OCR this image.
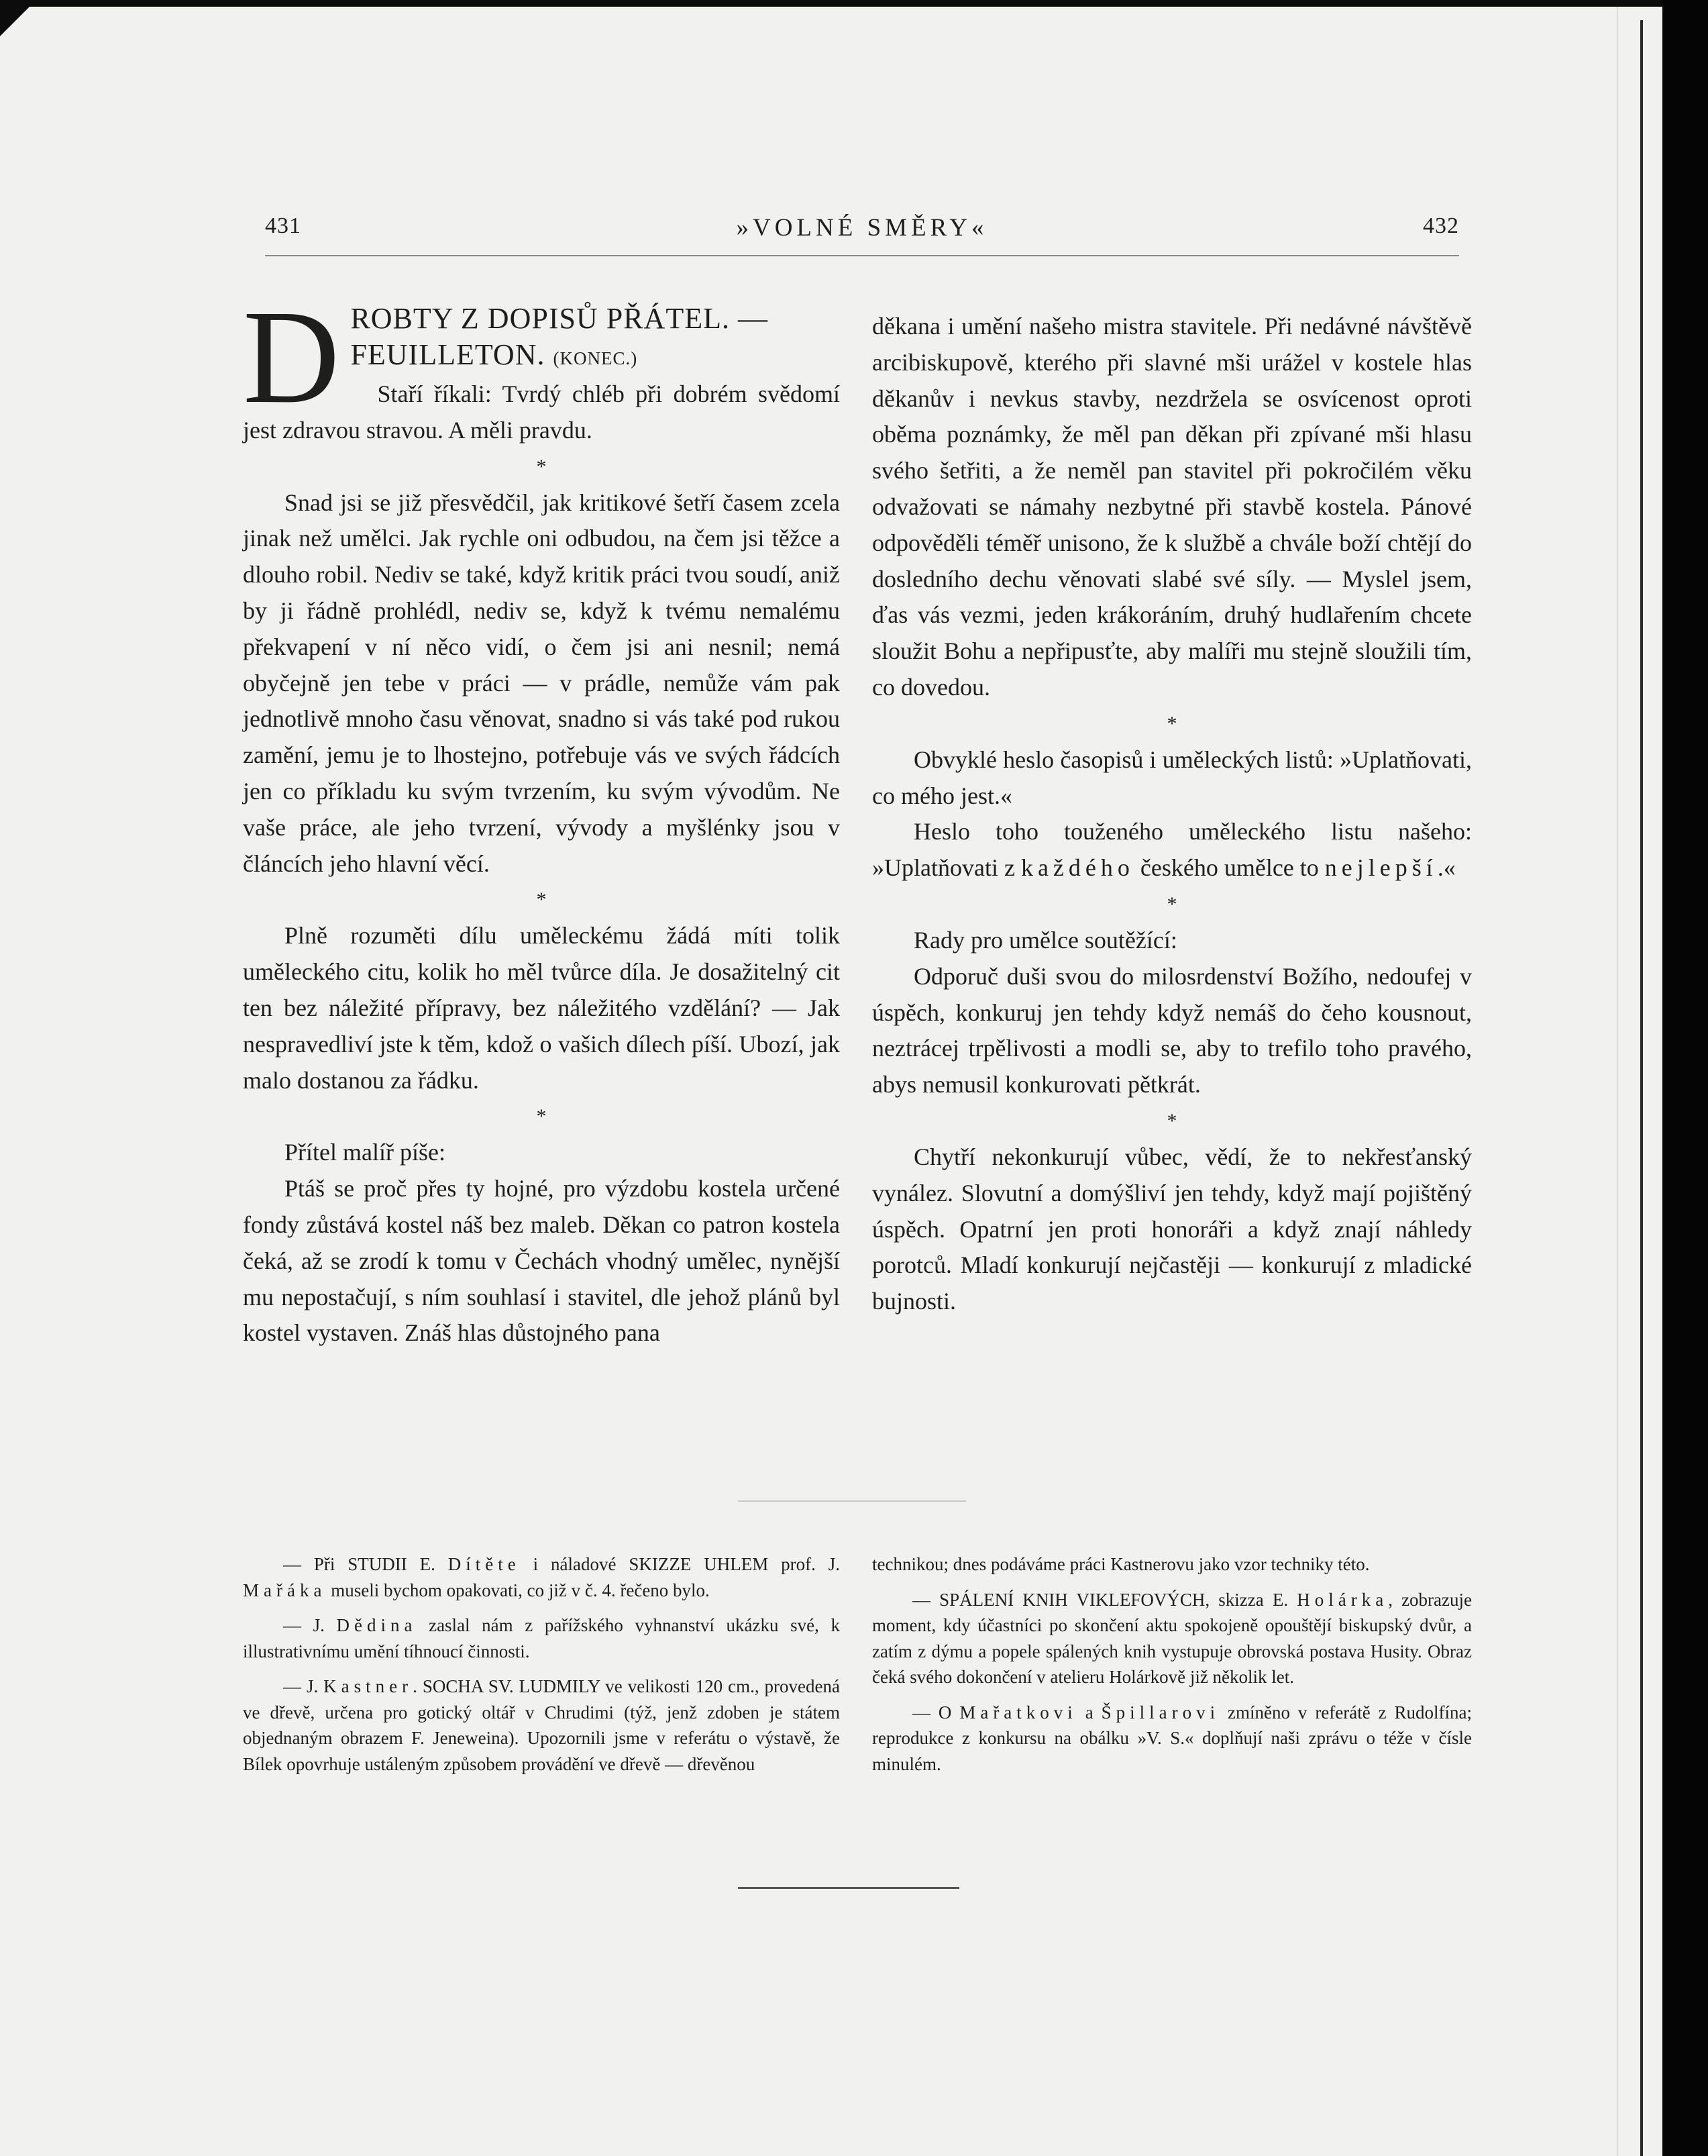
431	»VOLNÉ SMĚRY«	432
D ROBTY Z DOPISŮ PŘÁTEL. —
FEUILLETON. (KONEC.)

Staří říkali: Tvrdý chléb při dobrém svědomí jest zdravou stravou. A měli pravdu.

*

Snad jsi se již přesvědčil, jak kritikové šetří časem zcela jinak než umělci. Jak rychle oni odbudou, na čem jsi těžce a dlouho robil. Nediv se také, když kritik práci tvou soudí, aniž by ji řádně prohlédl, nediv se, když k tvému nemalému překvapení v ní něco vidí, o čem jsi ani nesnil; nemá obyčejně jen tebe v práci — v prádle, nemůže vám pak jednotlivě mnoho času věnovat, snadno si vás také pod rukou zamění, jemu je to lhostejno, potřebuje vás ve svých řádcích jen co příkladu ku svým tvrzením, ku svým vývodům. Ne vaše práce, ale jeho tvrzení, vývody a myšlénky jsou v článcích jeho hlavní věcí.

*

Plně rozuměti dílu uměleckému žádá míti tolik uměleckého citu, kolik ho měl tvůrce díla. Je dosažitelný cit ten bez náležité přípravy, bez náležitého vzdělání? — Jak nespravedliví jste k těm, kdož o vašich dílech píší. Ubozí, jak malo dostanou za řádku.

*

Přítel malíř píše:

Ptáš se proč přes ty hojné, pro výzdobu kostela určené fondy zůstává kostel náš bez maleb. Děkan co patron kostela čeká, až se zrodí k tomu v Čechách vhodný umělec, nynější mu nepostačují, s ním souhlasí i stavitel, dle jehož plánů byl kostel vystaven. Znáš hlas důstojného pana

děkana i umění našeho mistra stavitele. Při nedávné návštěvě arcibiskupově, kterého při slavné mši urážel v kostele hlas děkanův i nevkus stavby, nezdržela se osvícenost oproti oběma poznámky, že měl pan děkan při zpívané mši hlasu svého šetřiti, a že neměl pan stavitel při pokročilém věku odvažovati se námahy nezbytné při stavbě kostela. Pánové odpověděli téměř unisono, že k službě a chvále boží chtějí do dosledního dechu věnovati slabé své síly. — Myslel jsem, ďas vás vezmi, jeden krákoráním, druhý hudlařením chcete sloužit Bohu a nepřipusťte, aby malíři mu stejně sloužili tím, co dovedou.

*

Obvyklé heslo časopisů i uměleckých listů: »Uplatňovati, co mého jest.«

Heslo toho touženého uměleckého listu našeho: »Uplatňovati z každého českého umělce to nejlepší.«

*

Rady pro umělce soutěžící:

Odporuč duši svou do milosrdenství Božího, nedoufej v úspěch, konkuruj jen tehdy když nemáš do čeho kousnout, neztrácej trpělivosti a modli se, aby to trefilo toho pravého, abys nemusil konkurovati pětkrát.

*

Chytří nekonkurují vůbec, vědí, že to nekřesťanský vynález. Slovutní a domýšliví jen tehdy, když mají pojištěný úspěch. Opatrní jen proti honoráři a když znají náhledy porotců. Mladí konkurují nejčastěji — konkurují z mladické bujnosti.

— Při STUDII E. Dítěte i náladové SKIZZE UHLEM prof. J. Mařáka museli bychom opakovati, co již v č. 4. řečeno bylo.

— J. Dědina zaslal nám z pařížského vyhnanství ukázku své, k illustrativnímu umění tíhnoucí činnosti.

— J. Kastner. SOCHA SV. LUDMILY ve velikosti 120 cm., provedená ve dřevě, určena pro gotický oltář v Chrudimi (týž, jenž zdoben je státem objednaným obrazem F. Jeneweina). Upozornili jsme v referátu o výstavě, že Bílek opovrhuje ustáleným způsobem provádění ve dřevě — dřevěnou

technikou; dnes podáváme práci Kastnerovu jako vzor techniky této.

— SPÁLENÍ KNIH VIKLEFOVÝCH, skizza E. Holárka, zobrazuje moment, kdy účastníci po skončení aktu spokojeně opouštějí biskupský dvůr, a zatím z dýmu a popele spálených knih vystupuje obrovská postava Husity. Obraz čeká svého dokončení v atelieru Holárkově již několik let.

— O Mařatkovi a Špillarovi zmíněno v referátě z Rudolfína; reprodukce z konkursu na obálku »V. S.« doplňují naši zprávu o téže v čísle minulém.
